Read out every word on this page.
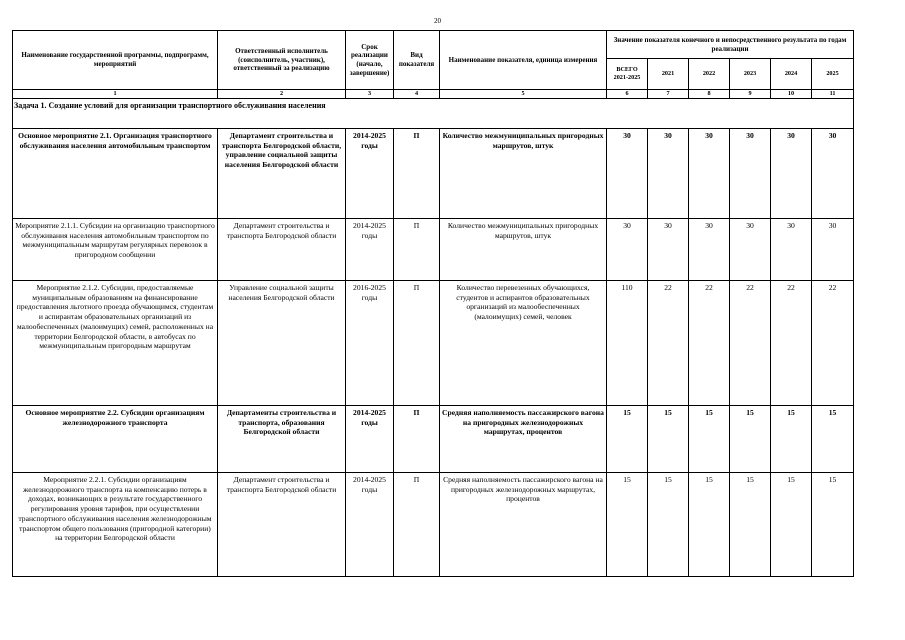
20
Наименование государственной программы, подпрограмм, мероприятий	Ответственный исполнитель (соисполнитель, участник), ответственный за реализацию	Срок реализации (начало, завершение)	Вид показателя	Наименование показателя, единица измерения	Значение показателя конечного и непосредственного результата по годам реализации					
					ВСЕГО 2021-2025	2021	2022	2023	2024	2025
1	2	3	4	5	6	7	8	9	10	11
Задача 1. Создание условий для организации транспортного обслуживания населения										
Основное мероприятие 2.1. Организация транспортного обслуживания населения автомобильным транспортом	Департамент строительства и транспорта Белгородской области, управление социальной защиты населения Белгородской области	2014-2025 годы	П	Количество межмуниципальных пригородных маршрутов, штук	30	30	30	30	30	30
Мероприятие 2.1.1. Субсидии на организацию транспортного обслуживания населения автомобильным транспортом по межмуниципальным маршрутам регулярных перевозок в пригородном сообщении	Департамент строительства и транспорта Белгородской области	2014-2025 годы	П	Количество межмуниципальных пригородных маршрутов, штук	30	30	30	30	30	30
Мероприятие 2.1.2. Субсидии, предоставляемые муниципальным образованиям на финансирование предоставления льготного проезда обучающимся, студентам и аспирантам образовательных организаций из малообеспеченных (малоимущих) семей, расположенных на территории Белгородской области, в автобусах по межмуниципальным пригородным маршрутам	Управление социальной защиты населения Белгородской области	2016-2025 годы	П	Количество перевезенных обучающихся, студентов и аспирантов образовательных организаций из малообеспеченных (малоимущих) семей, человек	110	22	22	22	22	22
Основное мероприятие 2.2. Субсидии организациям железнодорожного транспорта	Департаменты строительства и транспорта, образования Белгородской области	2014-2025 годы	П	Средняя наполняемость пассажирского вагона на пригородных железнодорожных маршрутах, процентов	15	15	15	15	15	15
Мероприятие 2.2.1. Субсидии организациям железнодорожного транспорта на компенсацию потерь в доходах, возникающих в результате государственного регулирования уровня тарифов, при осуществлении транспортного обслуживания населения железнодорожным транспортом общего пользования (пригородной категории) на территории Белгородской области	Департамент строительства и транспорта Белгородской области	2014-2025 годы	П	Средняя наполняемость пассажирского вагона на пригородных железнодорожных маршрутах, процентов	15	15	15	15	15	15
